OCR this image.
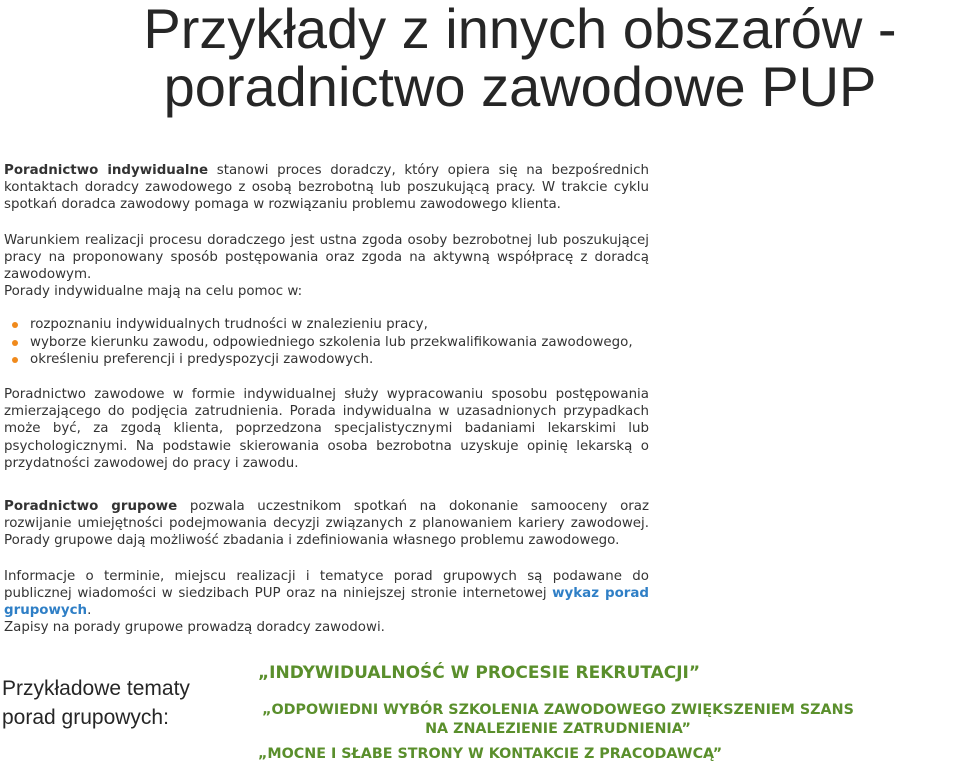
Przykłady z innych obszarów -
poradnictwo zawodowe PUP

Poradnictwo indywidualne stanowi proces doradczy, który opiera się na bezpośrednich kontaktach doradcy zawodowego z osobą bezrobotną lub poszukującą pracy. W trakcie cyklu spotkań doradca zawodowy pomaga w rozwiązaniu problemu zawodowego klienta.

Warunkiem realizacji procesu doradczego jest ustna zgoda osoby bezrobotnej lub poszukującej pracy na proponowany sposób postępowania oraz zgoda na aktywną współpracę z doradcą zawodowym.

Porady indywidualne mają na celu pomoc w:

rozpoznaniu indywidualnych trudności w znalezieniu pracy,
wyborze kierunku zawodu, odpowiedniego szkolenia lub przekwalifikowania zawodowego,
określeniu preferencji i predyspozycji zawodowych.

Poradnictwo zawodowe w formie indywidualnej służy wypracowaniu sposobu postępowania zmierzającego do podjęcia zatrudnienia. Porada indywidualna w uzasadnionych przypadkach może być, za zgodą klienta, poprzedzona specjalistycznymi badaniami lekarskimi lub psychologicznymi. Na podstawie skierowania osoba bezrobotna uzyskuje opinię lekarską o przydatności zawodowej do pracy i zawodu.

Poradnictwo grupowe pozwala uczestnikom spotkań na dokonanie samooceny oraz rozwijanie umiejętności podejmowania decyzji związanych z planowaniem kariery zawodowej. Porady grupowe dają możliwość zbadania i zdefiniowania własnego problemu zawodowego.

Informacje o terminie, miejscu realizacji i tematyce porad grupowych są podawane do publicznej wiadomości w siedzibach PUP oraz na niniejszej stronie internetowej wykaz porad grupowych.

Zapisy na porady grupowe prowadzą doradcy zawodowi.

Przykładowe tematy porad grupowych:
„INDYWIDUALNOŚĆ W PROCESIE REKRUTACJI”
„ODPOWIEDNI WYBÓR SZKOLENIA ZAWODOWEGO ZWIĘKSZENIEM SZANS NA ZNALEZIENIE ZATRUDNIENIA”
„MOCNE I SŁABE STRONY W KONTAKCIE Z PRACODAWCĄ”
